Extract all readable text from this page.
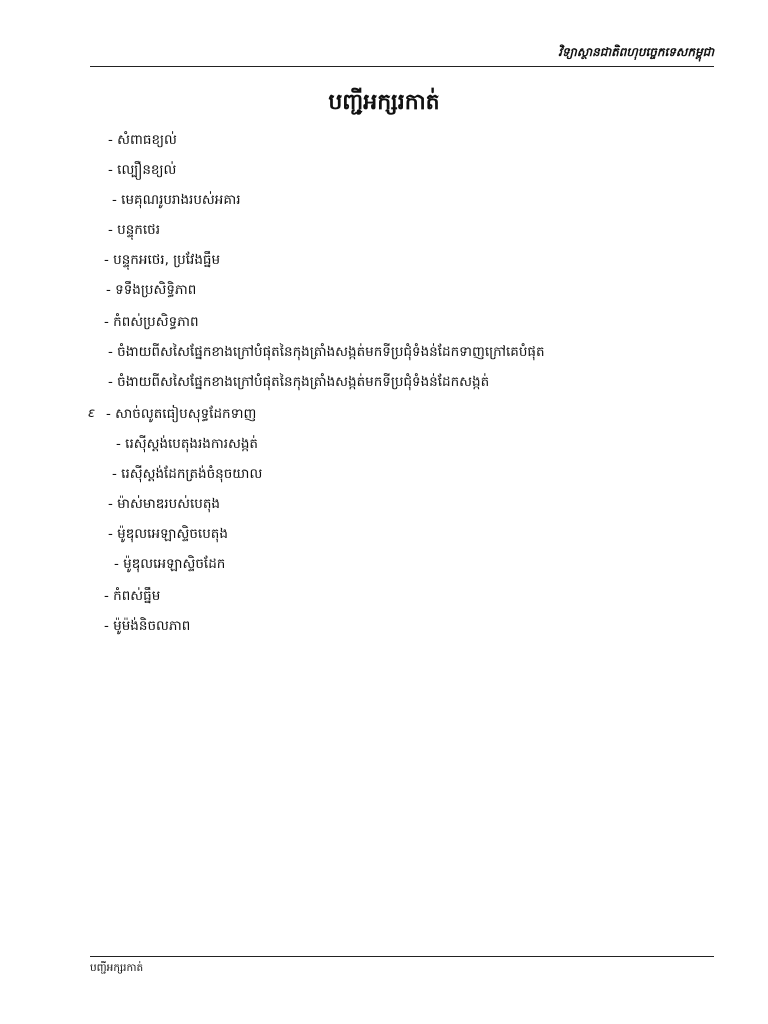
វិទ្យាស្ថានជាតិពហុបច្ចេកទេសកម្ពុជា
បញ្ជីអក្សរកាត់
- សំពាធខ្យល់
- ល្បឿនខ្យល់
- មេគុណរូបរាងរបស់អគារ
- បន្ទុកថេរ
- បន្ទុកអថេរ, ប្រវែងធ្នឹម
- ទទឹងប្រសិទ្ធិភាព
- កំពស់ប្រសិទ្ធភាព
- ចំងាយពីសសៃផ្នែកខាងក្រៅបំផុតនៃកុងត្រាំងសង្កត់មកទីប្រជុំទំងន់ដែកទាញក្រៅគេបំផុត
- ចំងាយពីសសៃផ្នែកខាងក្រៅបំផុតនៃកុងត្រាំងសង្កត់មកទីប្រជុំទំងន់ដែកសង្កត់
ε - សាច់លូតធៀបសុទ្ធដែកទាញ
- រេស៊ីស្តង់បេតុងរងការសង្កត់
- រេស៊ីស្តង់ដែកត្រង់ចំនុចយាល
- ម៉ាស់មាឌរបស់បេតុង
- ម៉ូឌុលអេឡាស្ទិចបេតុង
- ម៉ូឌុលអេឡាស្ទិចដែក
- កំពស់ធ្នឹម
- ម៉ូម៉ង់និចលភាព
បញ្ជីអក្សរកាត់
